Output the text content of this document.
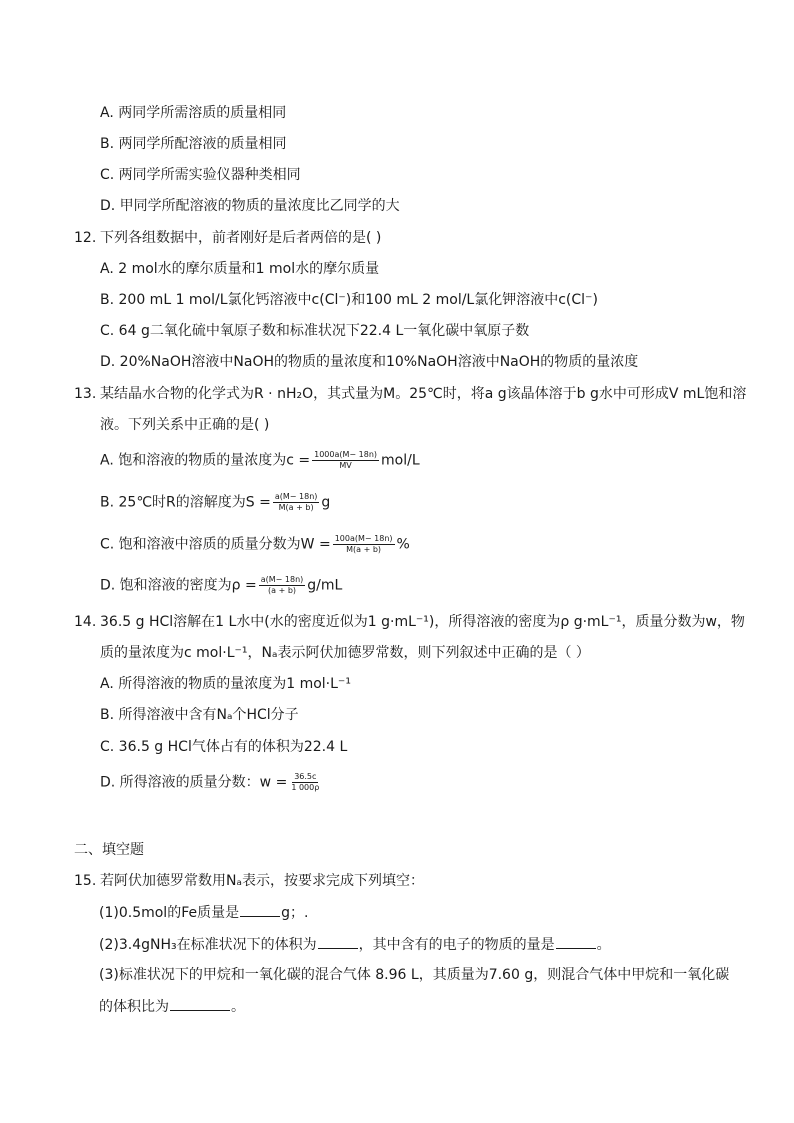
A. 两同学所需溶质的质量相同
B. 两同学所配溶液的质量相同
C. 两同学所需实验仪器种类相同
D. 甲同学所配溶液的物质的量浓度比乙同学的大
12. 下列各组数据中，前者刚好是后者两倍的是( )
A. 2 mol水的摩尔质量和1 mol水的摩尔质量
B. 200 mL 1 mol/L氯化钙溶液中c(Cl⁻)和100 mL 2 mol/L氯化钾溶液中c(Cl⁻)
C. 64 g二氧化硫中氧原子数和标准状况下22.4 L一氧化碳中氧原子数
D. 20%NaOH溶液中NaOH的物质的量浓度和10%NaOH溶液中NaOH的物质的量浓度
13. 某结晶水合物的化学式为R · nH₂O，其式量为M。25℃时，将a g该晶体溶于b g水中可形成V mL饱和溶
液。下列关系中正确的是( )
A. 饱和溶液的物质的量浓度为$c = \frac{1000a(M- 18n)}{MV} mol/L$
B. 25℃时R的溶解度为$S = \frac{a(M- 18n)}{M(a + b)}$ g
C. 饱和溶液中溶质的质量分数为$W = \frac{100a(M- 18n)}{M(a + b)}$ %
D. 饱和溶液的密度为$\rho = \frac{a(M- 18n)}{(a + b)} g/mL$
14. 36.5 g HCl溶解在1 L水中(水的密度近似为1 g·mL⁻¹)，所得溶液的密度为ρ g·mL⁻¹，质量分数为w，物
质的量浓度为c mol·L⁻¹，Nₐ表示阿伏加德罗常数，则下列叙述中正确的是（ ）
A. 所得溶液的物质的量浓度为1 mol·L⁻¹
B. 所得溶液中含有Nₐ个HCl分子
C. 36.5 g HCl气体占有的体积为22.4 L
D. 所得溶液的质量分数：$w = \frac{36.5c}{1 000\rho}$
二、填空题
15. 若阿伏加德罗常数用Nₐ表示，按要求完成下列填空：
(1)0.5mol的Fe质量是	g；.
(2)3.4gNH₃在标准状况下的体积为	，其中含有的电子的物质的量是	。
(3)标准状况下的甲烷和一氧化碳的混合气体 8.96 L，其质量为7.60 g，则混合气体中甲烷和一氧化碳
的体积比为	。
